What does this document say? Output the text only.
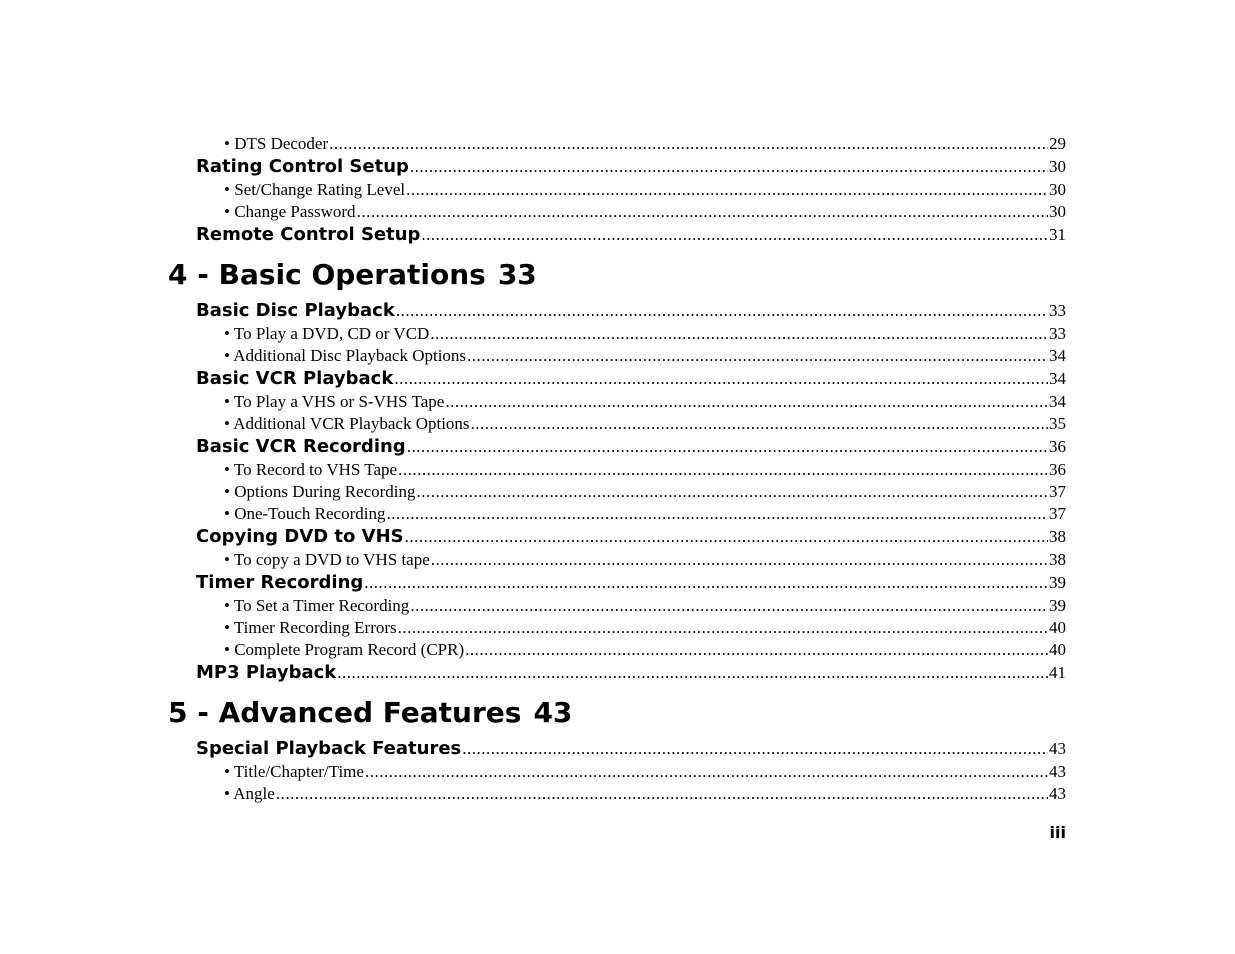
• DTS Decoder .....	29
Rating Control Setup .....	30
• Set/Change Rating Level .....	30
• Change Password .....	30
Remote Control Setup .....	31
4 - Basic Operations 33
Basic Disc Playback .....	33
• To Play a DVD, CD or VCD .....	33
• Additional Disc Playback Options .....	34
Basic VCR Playback .....	34
• To Play a VHS or S-VHS Tape .....	34
• Additional VCR Playback Options .....	35
Basic VCR Recording .....	36
• To Record to VHS Tape .....	36
• Options During Recording .....	37
• One-Touch Recording .....	37
Copying DVD to VHS .....	38
• To copy a DVD to VHS tape .....	38
Timer Recording .....	39
• To Set a Timer Recording .....	39
• Timer Recording Errors .....	40
• Complete Program Record (CPR) .....	40
MP3 Playback .....	41
5 - Advanced Features 43
Special Playback Features .....	43
• Title/Chapter/Time .....	43
• Angle .....	43
iii
